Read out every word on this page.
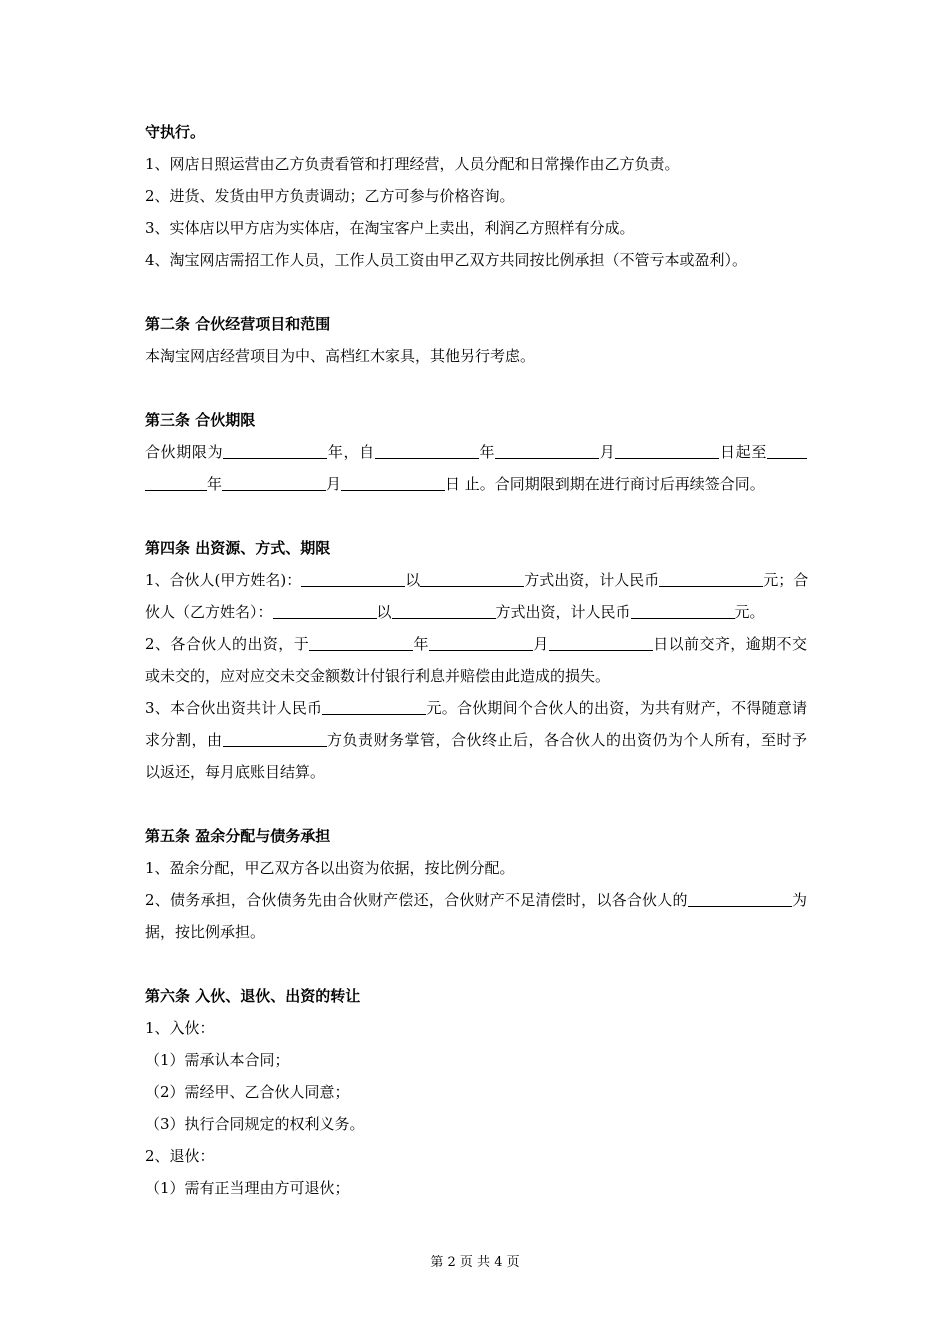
守执行。
1、网店日照运营由乙方负责看管和打理经营，人员分配和日常操作由乙方负责。
2、进货、发货由甲方负责调动；乙方可参与价格咨询。
3、实体店以甲方店为实体店，在淘宝客户上卖出，利润乙方照样有分成。
4、淘宝网店需招工作人员，工作人员工资由甲乙双方共同按比例承担（不管亏本或盈利）。
第二条 合伙经营项目和范围
本淘宝网店经营项目为中、高档红木家具，其他另行考虑。
第三条 合伙期限
合伙期限为	年，自	年	月	日起至
年	月	日 止。合同期限到期在进行商讨后再续签合同。
第四条 出资源、方式、期限
1、合伙人(甲方姓名)：	以	方式出资，计人民币	元；合
伙人（乙方姓名）：	以	方式出资，计人民币	元。
2、各合伙人的出资，于	年	月	日以前交齐，逾期不交
或未交的，应对应交未交金额数计付银行利息并赔偿由此造成的损失。
3、本合伙出资共计人民币	元。合伙期间个合伙人的出资，为共有财产，不得随意请
求分割，由	方负责财务掌管，合伙终止后，各合伙人的出资仍为个人所有，至时予
以返还，每月底账目结算。
第五条 盈余分配与债务承担
1、盈余分配，甲乙双方各以出资为依据，按比例分配。
2、债务承担，合伙债务先由合伙财产偿还，合伙财产不足清偿时，以各合伙人的	为
据，按比例承担。
第六条 入伙、退伙、出资的转让
1、入伙：
（1）需承认本合同；
（2）需经甲、乙合伙人同意；
（3）执行合同规定的权利义务。
2、退伙：
（1）需有正当理由方可退伙；
第 2 页 共 4 页
